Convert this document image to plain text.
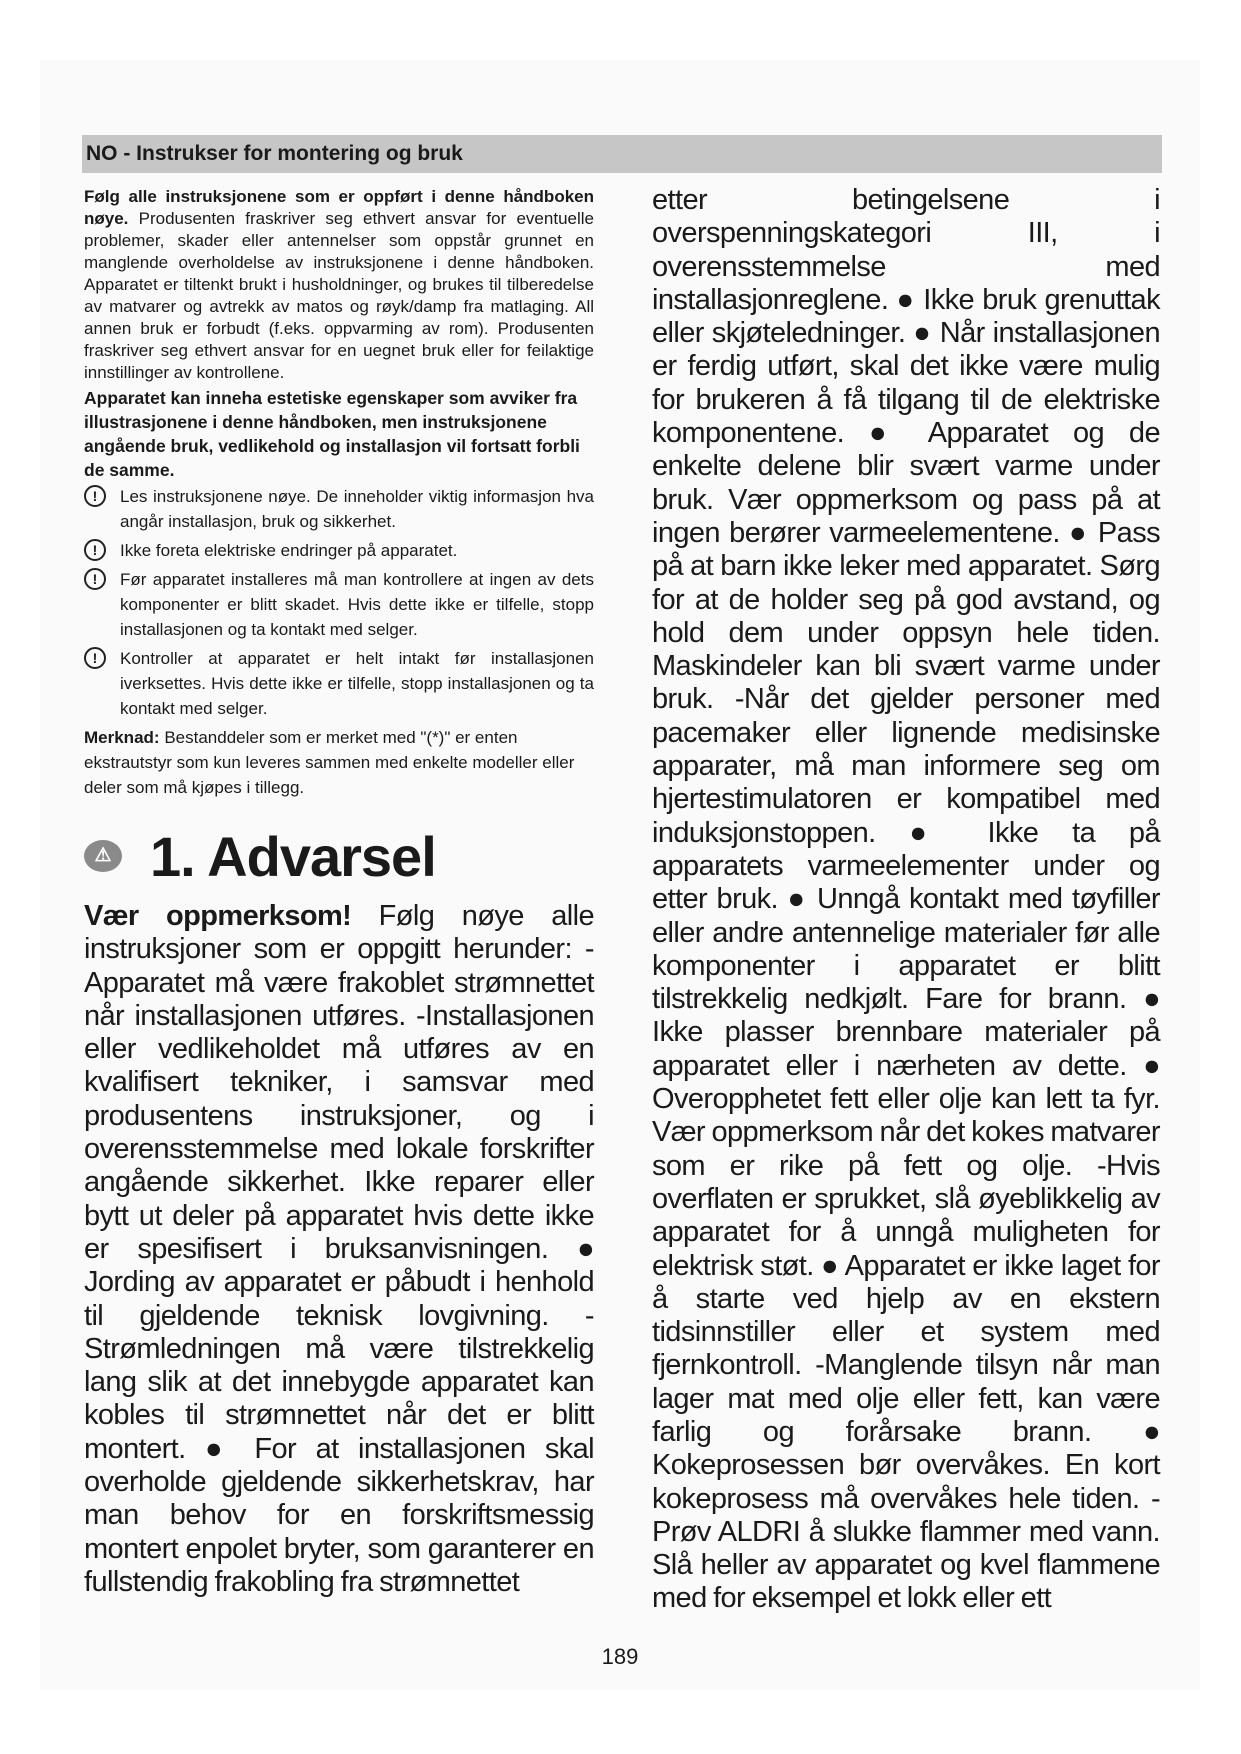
NO - Instrukser for montering og bruk

Følg alle instruksjonene som er oppført i denne håndboken nøye. Produsenten fraskriver seg ethvert ansvar for eventuelle problemer, skader eller antennelser som oppstår grunnet en manglende overholdelse av instruksjonene i denne håndboken. Apparatet er tiltenkt brukt i husholdninger, og brukes til tilberedelse av matvarer og avtrekk av matos og røyk/damp fra matlaging. All annen bruk er forbudt (f.eks. oppvarming av rom). Produsenten fraskriver seg ethvert ansvar for en uegnet bruk eller for feilaktige innstillinger av kontrollene.

Apparatet kan inneha estetiske egenskaper som avviker fra illustrasjonene i denne håndboken, men instruksjonene angående bruk, vedlikehold og installasjon vil fortsatt forbli de samme.

!	Les instruksjonene nøye. De inneholder viktig informasjon hva angår installasjon, bruk og sikkerhet.
!	Ikke foreta elektriske endringer på apparatet.
!	Før apparatet installeres må man kontrollere at ingen av dets komponenter er blitt skadet. Hvis dette ikke er tilfelle, stopp installasjonen og ta kontakt med selger.
!	Kontroller at apparatet er helt intakt før installasjonen iverksettes. Hvis dette ikke er tilfelle, stopp installasjonen og ta kontakt med selger.

Merknad: Bestanddeler som er merket med "(*)" er enten ekstrautstyr som kun leveres sammen med enkelte modeller eller deler som må kjøpes i tillegg.

⚠ 1. Advarsel

Vær oppmerksom! Følg nøye alle instruksjoner som er oppgitt herunder: -Apparatet må være frakoblet strømnettet når installasjonen utføres. -Installasjonen eller vedlikeholdet må utføres av en kvalifisert tekniker, i samsvar med produsentens instruksjoner, og i overensstemmelse med lokale forskrifter angående sikkerhet. Ikke reparer eller bytt ut deler på apparatet hvis dette ikke er spesifisert i bruksanvisningen. ● Jording av apparatet er påbudt i henhold til gjeldende teknisk lovgivning. -Strømledningen må være tilstrekkelig lang slik at det innebygde apparatet kan kobles til strømnettet når det er blitt montert. ● For at installasjonen skal overholde gjeldende sikkerhetskrav, har man behov for en forskriftsmessig montert enpolet bryter, som garanterer en fullstendig frakobling fra strømnettet

etter betingelsene i overspenningskategori III, i overensstemmelse med installasjonreglene. ● Ikke bruk grenuttak eller skjøteledninger. ● Når installasjonen er ferdig utført, skal det ikke være mulig for brukeren å få tilgang til de elektriske komponentene. ● Apparatet og de enkelte delene blir svært varme under bruk. Vær oppmerksom og pass på at ingen berører varmeelementene. ● Pass på at barn ikke leker med apparatet. Sørg for at de holder seg på god avstand, og hold dem under oppsyn hele tiden. Maskindeler kan bli svært varme under bruk. -Når det gjelder personer med pacemaker eller lignende medisinske apparater, må man informere seg om hjertestimulatoren er kompatibel med induksjonstoppen. ● Ikke ta på apparatets varmeelementer under og etter bruk. ● Unngå kontakt med tøyfiller eller andre antennelige materialer før alle komponenter i apparatet er blitt tilstrekkelig nedkjølt. Fare for brann. ● Ikke plasser brennbare materialer på apparatet eller i nærheten av dette. ● Overopphetet fett eller olje kan lett ta fyr. Vær oppmerksom når det kokes matvarer som er rike på fett og olje. -Hvis overflaten er sprukket, slå øyeblikkelig av apparatet for å unngå muligheten for elektrisk støt. ● Apparatet er ikke laget for å starte ved hjelp av en ekstern tidsinnstiller eller et system med fjernkontroll. -Manglende tilsyn når man lager mat med olje eller fett, kan være farlig og forårsake brann. ● Kokeprosessen bør overvåkes. En kort kokeprosess må overvåkes hele tiden. -Prøv ALDRI å slukke flammer med vann. Slå heller av apparatet og kvel flammene med for eksempel et lokk eller ett

189
